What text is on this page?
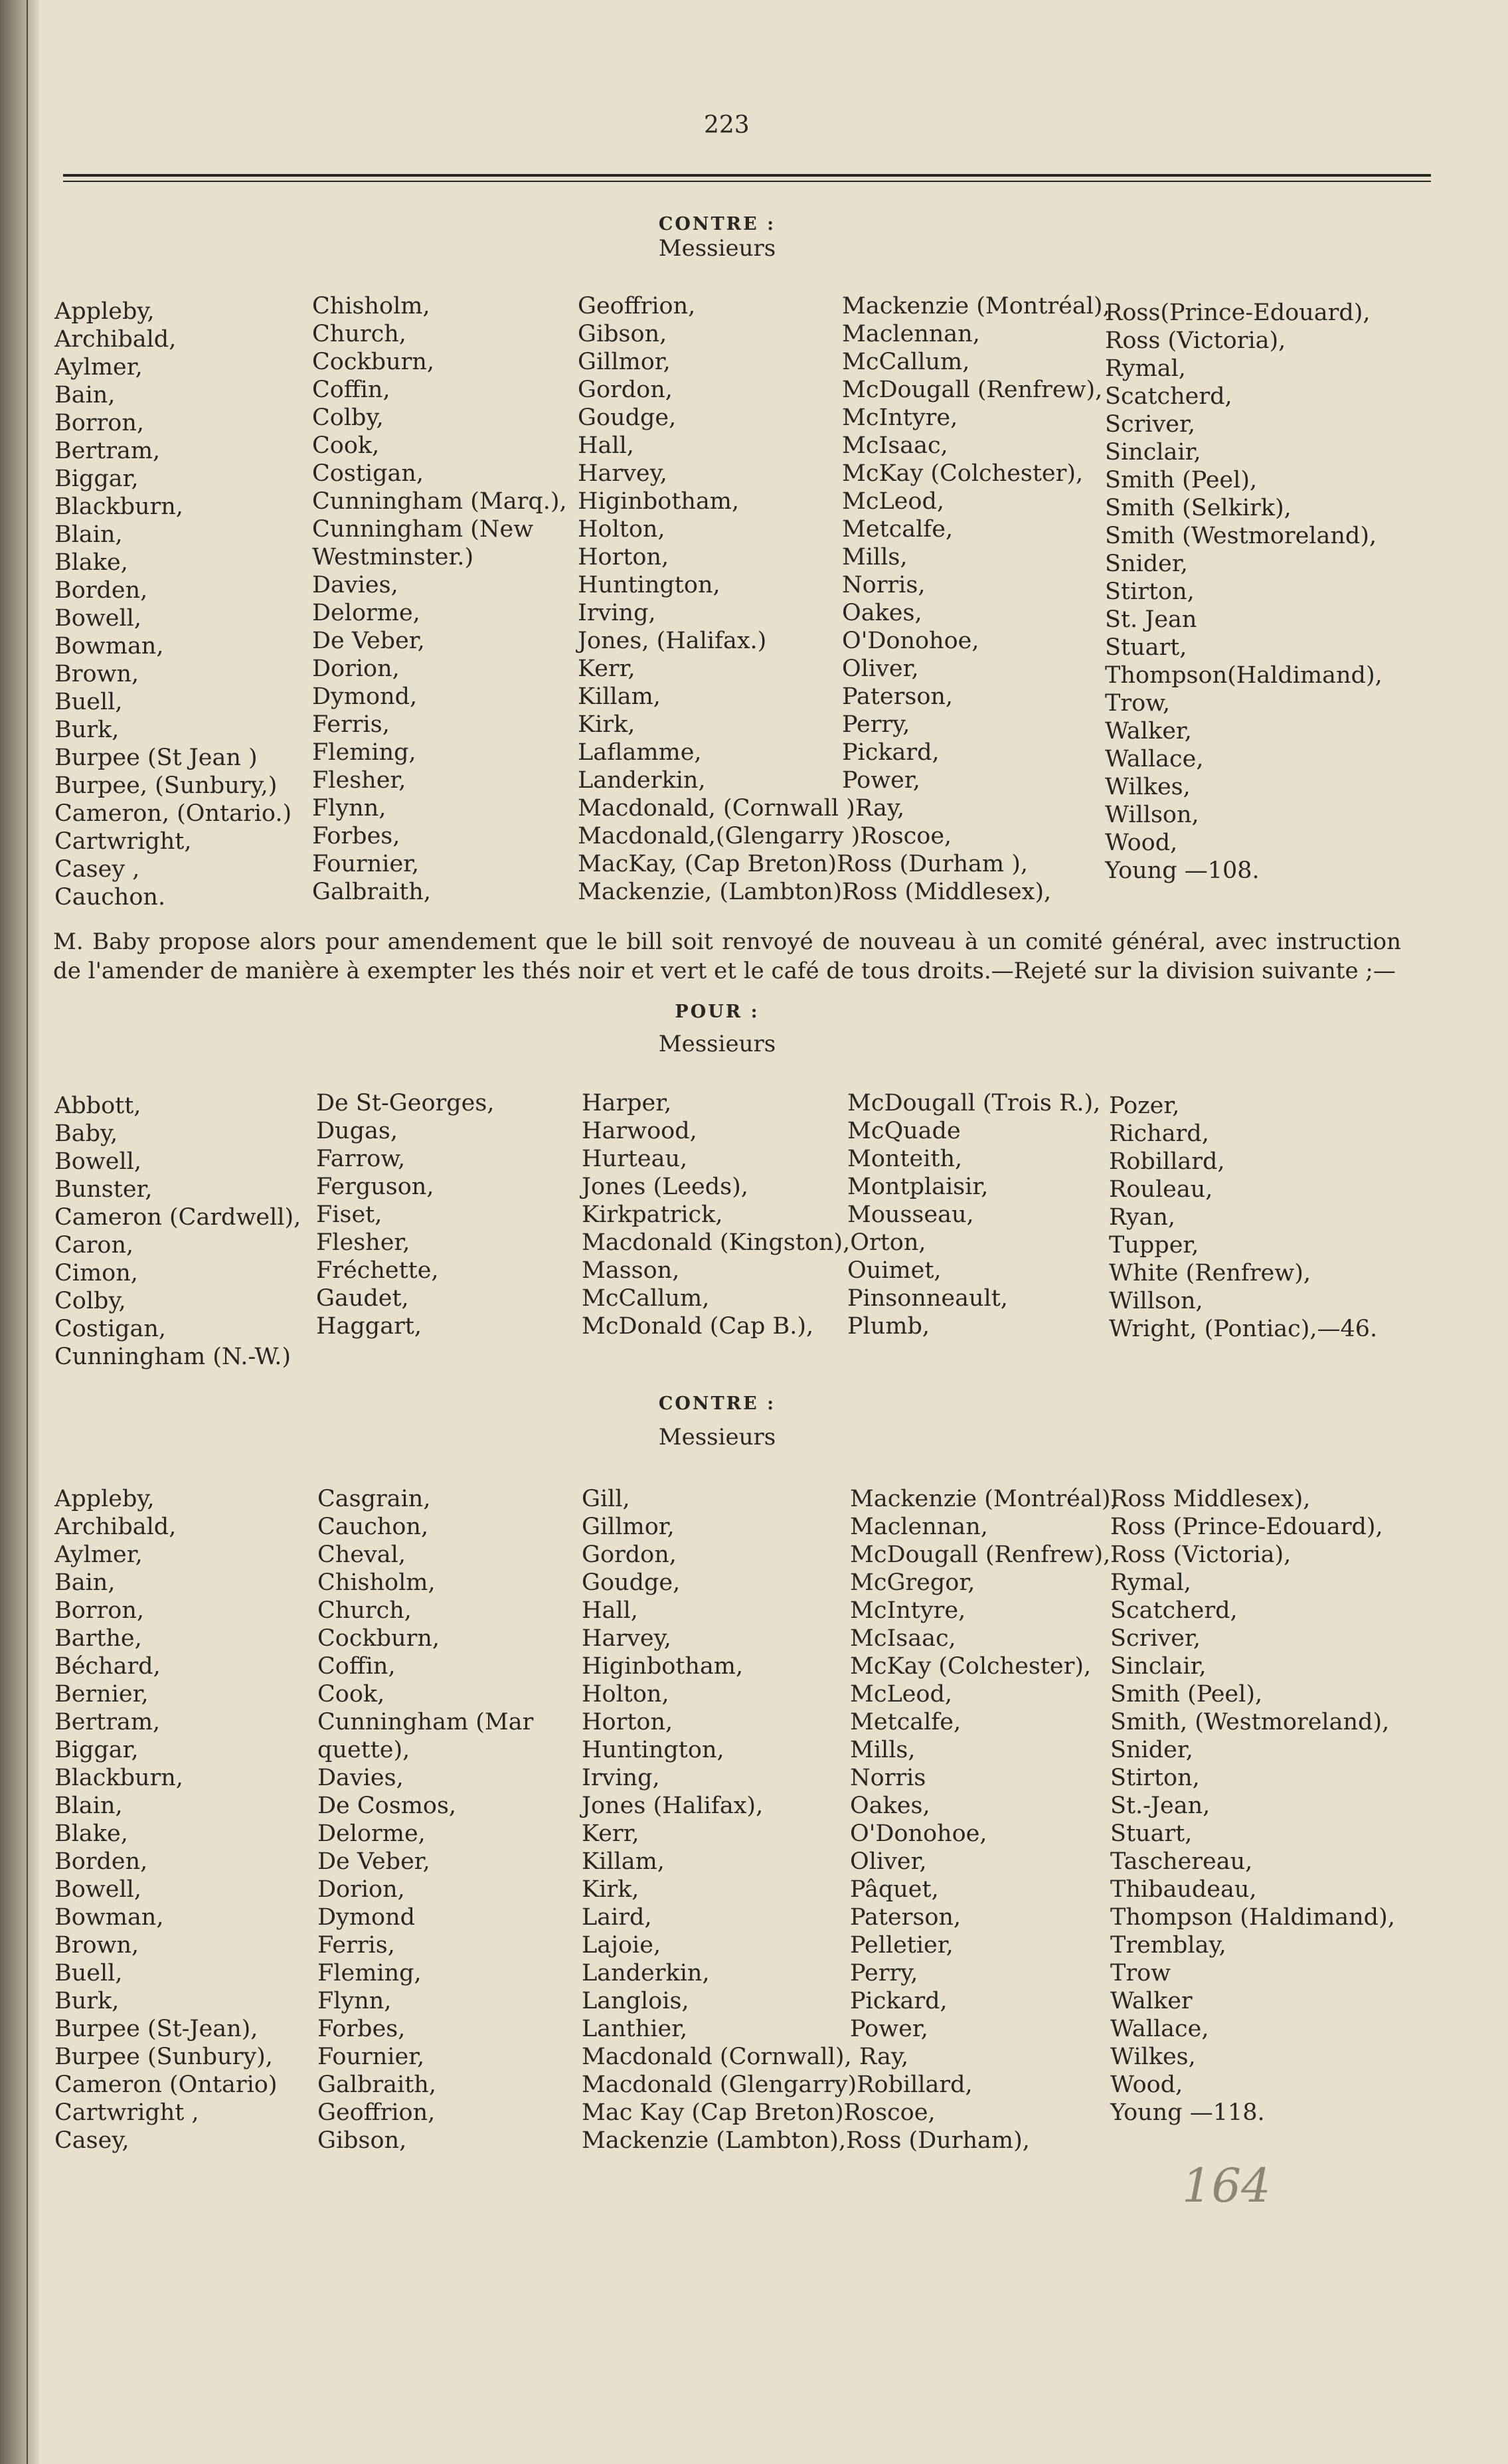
223
CONTRE :
Messieurs
Appleby,
Archibald,
Aylmer,
Bain,
Borron,
Bertram,
Biggar,
Blackburn,
Blain,
Blake,
Borden,
Bowell,
Bowman,
Brown,
Buell,
Burk,
Burpee (St Jean )
Burpee, (Sunbury,)
Cameron, (Ontario.)
Cartwright,
Casey ,
Cauchon.
Chisholm,
Church,
Cockburn,
Coffin,
Colby,
Cook,
Costigan,
Cunningham (Marq.),
Cunningham (New
Westminster.)
Davies,
Delorme,
De Veber,
Dorion,
Dymond,
Ferris,
Fleming,
Flesher,
Flynn,
Forbes,
Fournier,
Galbraith,
Geoffrion,
Gibson,
Gillmor,
Gordon,
Goudge,
Hall,
Harvey,
Higinbotham,
Holton,
Horton,
Huntington,
Irving,
Jones, (Halifax.)
Kerr,
Killam,
Kirk,
Laflamme,
Landerkin,
Macdonald, (Cornwall )Ray,
Macdonald,(Glengarry )Roscoe,
MacKay, (Cap Breton)Ross (Durham ),
Mackenzie, (Lambton)Ross (Middlesex),
Mackenzie (Montréal),
Maclennan,
McCallum,
McDougall (Renfrew),
McIntyre,
McIsaac,
McKay (Colchester),
McLeod,
Metcalfe,
Mills,
Norris,
Oakes,
O'Donohoe,
Oliver,
Paterson,
Perry,
Pickard,
Power,
Ross(Prince-Edouard),
Ross (Victoria),
Rymal,
Scatcherd,
Scriver,
Sinclair,
Smith (Peel),
Smith (Selkirk),
Smith (Westmoreland),
Snider,
Stirton,
St. Jean
Stuart,
Thompson(Haldimand),
Trow,
Walker,
Wallace,
Wilkes,
Willson,
Wood,
Young —108.
M. Baby propose alors pour amendement que le bill soit renvoyé de nouveau à un comité général, avec instruction de l'amender de manière à exempter les thés noir et vert et le café de tous droits.—Rejeté sur la division suivante ;—
POUR :
Messieurs
Abbott,
Baby,
Bowell,
Bunster,
Cameron (Cardwell),
Caron,
Cimon,
Colby,
Costigan,
Cunningham (N.-W.)
De St-Georges,
Dugas,
Farrow,
Ferguson,
Fiset,
Flesher,
Fréchette,
Gaudet,
Haggart,
Harper,
Harwood,
Hurteau,
Jones (Leeds),
Kirkpatrick,
Macdonald (Kingston),Orton,
Masson,
McCallum,
McDonald (Cap B.),
McDougall (Trois R.),
McQuade
Monteith,
Montplaisir,
Mousseau,
Ouimet,
Pinsonneault,
Plumb,
Pozer,
Richard,
Robillard,
Rouleau,
Ryan,
Tupper,
White (Renfrew),
Willson,
Wright, (Pontiac),—46.
CONTRE :
Messieurs
Appleby,
Archibald,
Aylmer,
Bain,
Borron,
Barthe,
Béchard,
Bernier,
Bertram,
Biggar,
Blackburn,
Blain,
Blake,
Borden,
Bowell,
Bowman,
Brown,
Buell,
Burk,
Burpee (St-Jean),
Burpee (Sunbury),
Cameron (Ontario)
Cartwright ,
Casey,
Casgrain,
Cauchon,
Cheval,
Chisholm,
Church,
Cockburn,
Coffin,
Cook,
Cunningham (Mar
quette),
Davies,
De Cosmos,
Delorme,
De Veber,
Dorion,
Dymond
Ferris,
Fleming,
Flynn,
Forbes,
Fournier,
Galbraith,
Geoffrion,
Gibson,
Gill,
Gillmor,
Gordon,
Goudge,
Hall,
Harvey,
Higinbotham,
Holton,
Horton,
Huntington,
Irving,
Jones (Halifax),
Kerr,
Killam,
Kirk,
Laird,
Lajoie,
Landerkin,
Langlois,
Lanthier,
Macdonald (Cornwall), Ray,
Macdonald (Glengarry)Robillard,
Mac Kay (Cap Breton)Roscoe,
Mackenzie (Lambton),Ross (Durham),
Mackenzie (Montréal),
Maclennan,
McDougall (Renfrew),
McGregor,
McIntyre,
McIsaac,
McKay (Colchester),
McLeod,
Metcalfe,
Mills,
Norris
Oakes,
O'Donohoe,
Oliver,
Pâquet,
Paterson,
Pelletier,
Perry,
Pickard,
Power,
Ross Middlesex),
Ross (Prince-Edouard),
Ross (Victoria),
Rymal,
Scatcherd,
Scriver,
Sinclair,
Smith (Peel),
Smith, (Westmoreland),
Snider,
Stirton,
St.-Jean,
Stuart,
Taschereau,
Thibaudeau,
Thompson (Haldimand),
Tremblay,
Trow
Walker
Wallace,
Wilkes,
Wood,
Young —118.
164
